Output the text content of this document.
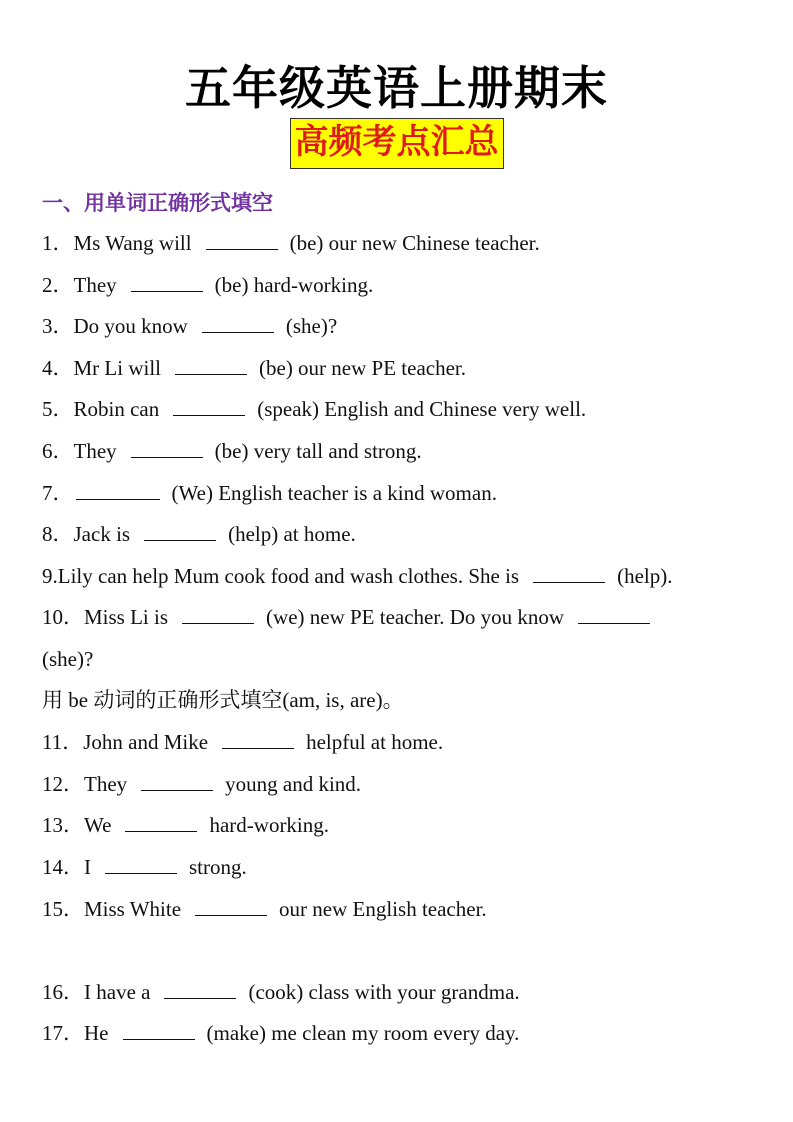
五年级英语上册期末
高频考点汇总
一、用单词正确形式填空
1．Ms Wang will	(be) our new Chinese teacher.
2．They	(be) hard-working.
3．Do you know	(she)?
4．Mr Li will	(be) our new PE teacher.
5．Robin can	(speak) English and Chinese very well.
6．They	(be) very tall and strong.
7．	(We) English teacher is a kind woman.
8．Jack is	(help) at home.
9.Lily can help Mum cook food and wash clothes. She is	(help).
10．Miss Li is	(we) new PE teacher. Do you know
(she)?
用 be 动词的正确形式填空(am, is, are)。
11．John and Mike	helpful at home.
12．They	young and kind.
13．We	hard-working.
14．I	strong.
15．Miss White	our new English teacher.
16．I have a	(cook) class with your grandma.
17．He	(make) me clean my room every day.
